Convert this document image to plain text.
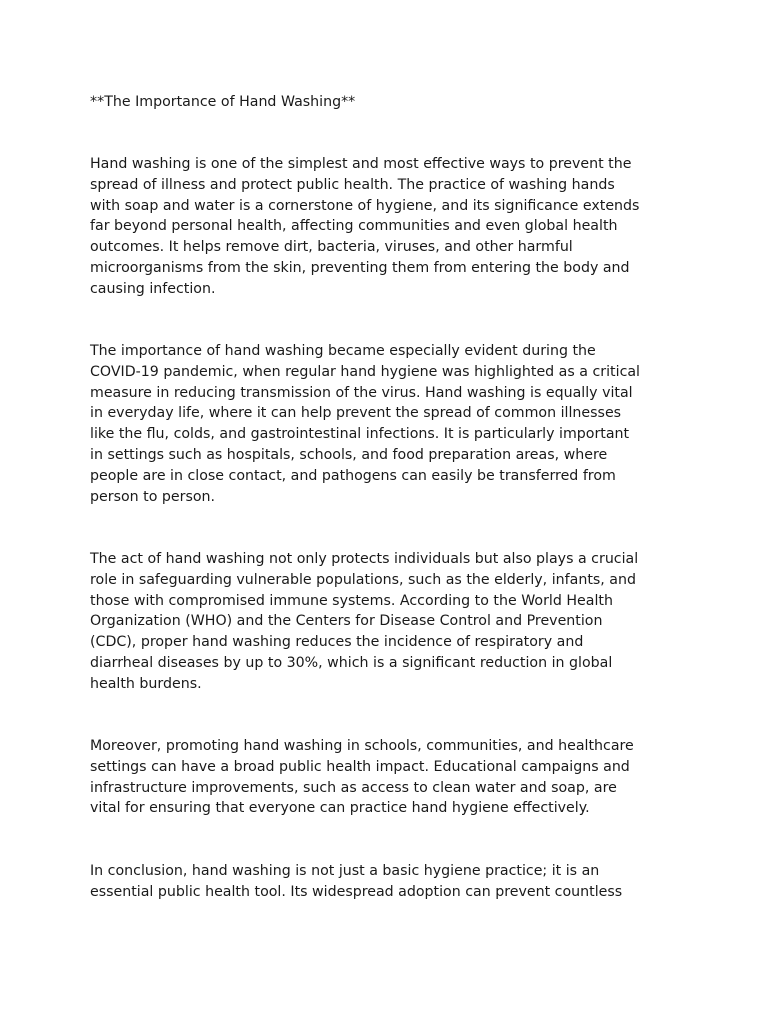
**The Importance of Hand Washing**

Hand washing is one of the simplest and most effective ways to prevent the
spread of illness and protect public health. The practice of washing hands
with soap and water is a cornerstone of hygiene, and its significance extends
far beyond personal health, affecting communities and even global health
outcomes. It helps remove dirt, bacteria, viruses, and other harmful
microorganisms from the skin, preventing them from entering the body and
causing infection.

The importance of hand washing became especially evident during the
COVID-19 pandemic, when regular hand hygiene was highlighted as a critical
measure in reducing transmission of the virus. Hand washing is equally vital
in everyday life, where it can help prevent the spread of common illnesses
like the flu, colds, and gastrointestinal infections. It is particularly important
in settings such as hospitals, schools, and food preparation areas, where
people are in close contact, and pathogens can easily be transferred from
person to person.

The act of hand washing not only protects individuals but also plays a crucial
role in safeguarding vulnerable populations, such as the elderly, infants, and
those with compromised immune systems. According to the World Health
Organization (WHO) and the Centers for Disease Control and Prevention
(CDC), proper hand washing reduces the incidence of respiratory and
diarrheal diseases by up to 30%, which is a significant reduction in global
health burdens.

Moreover, promoting hand washing in schools, communities, and healthcare
settings can have a broad public health impact. Educational campaigns and
infrastructure improvements, such as access to clean water and soap, are
vital for ensuring that everyone can practice hand hygiene effectively.

In conclusion, hand washing is not just a basic hygiene practice; it is an
essential public health tool. Its widespread adoption can prevent countless
